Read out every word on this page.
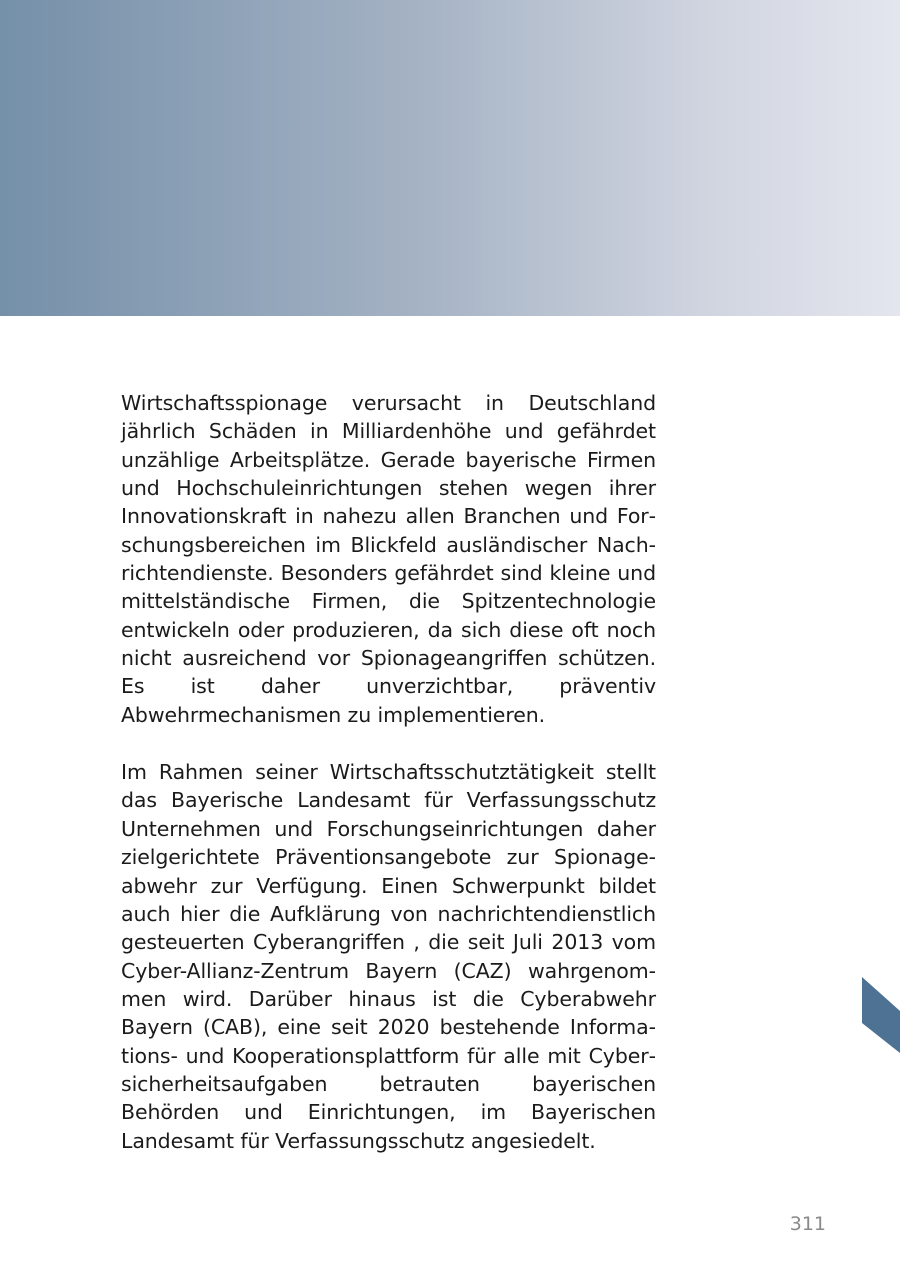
Wirtschaftsspionage verursacht in Deutschland jährlich Schäden in Milliardenhöhe und gefährdet unzählige Arbeitsplätze. Gerade bayerische Firmen und Hochschuleinrichtungen stehen wegen ihrer Innovationskraft in nahezu allen Branchen und Forschungsbereichen im Blickfeld ausländischer Nachrichtendienste. Besonders gefährdet sind kleine und mittelständische Firmen, die Spitzentechnologie entwickeln oder produzieren, da sich diese oft noch nicht ausreichend vor Spionageangriffen schützen. Es ist daher unverzichtbar, präventiv Abwehrmechanismen zu implementieren.

Im Rahmen seiner Wirtschaftsschutztätigkeit stellt das Bayerische Landesamt für Verfassungsschutz Unternehmen und Forschungseinrichtungen daher zielgerichtete Präventionsangebote zur Spionageabwehr zur Verfügung. Einen Schwerpunkt bildet auch hier die Aufklärung von nachrichtendienstlich gesteuerten Cyberangriffen , die seit Juli 2013 vom Cyber-Allianz-Zentrum Bayern (CAZ) wahrgenommen wird. Darüber hinaus ist die Cyberabwehr Bayern (CAB), eine seit 2020 bestehende Informations- und Kooperationsplattform für alle mit Cybersicherheitsaufgaben betrauten bayerischen Behörden und Einrichtungen, im Bayerischen Landesamt für Verfassungsschutz angesiedelt.

311
